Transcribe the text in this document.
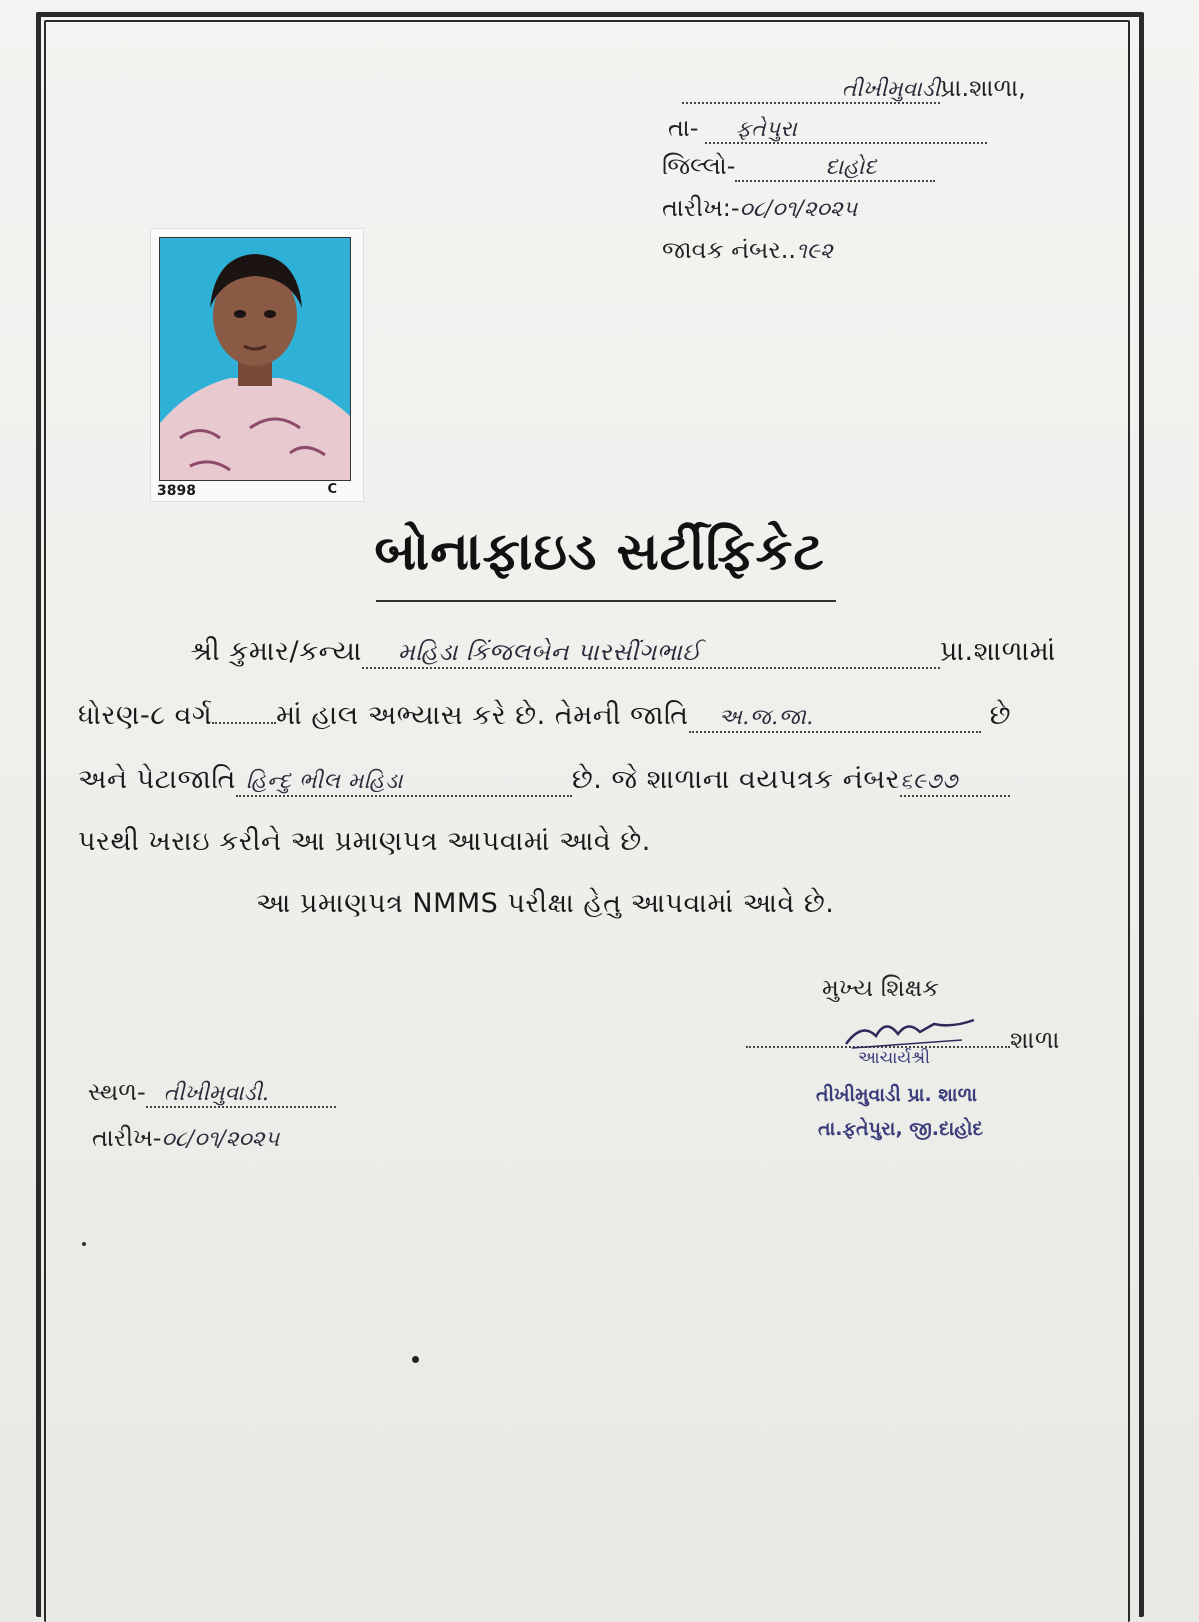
તીખીમુવાડીપ્રા.શાળા,
તા- ફતેપુરા
જિલ્લો-	દાહોદ
તારીખ:-૦૮/૦૧/૨૦૨૫
જાવક નંબર..૧૯૨
3898	C
બોનાફાઇડ સર્ટીફિકેટ
શ્રી કુમાર/કન્યા મહિડા કિંજલબેન પારસીંગભાઈ	પ્રા.શાળામાં
ધોરણ-૮ વર્ગ માં હાલ અભ્યાસ કરે છે. તેમની જાતિ અ.જ.જા.	છે
અને પેટાજાતિ હિન્દુ ભીલ મહિડા	છે. જે શાળાના વયપત્રક નંબર૬૯૭૭
પરથી ખરાઇ કરીને આ પ્રમાણપત્ર આપવામાં આવે છે.
આ પ્રમાણપત્ર NMMS પરીક્ષા હેતુ આપવામાં આવે છે.
મુખ્ય શિક્ષક
શાળા
આચાર્યશ્રી
તીખીમુવાડી પ્રા. શાળા
તા.ફતેપુરા, જી.દાહોદ
સ્થળ- તીખીમુવાડી.
તારીખ-૦૮/૦૧/૨૦૨૫
